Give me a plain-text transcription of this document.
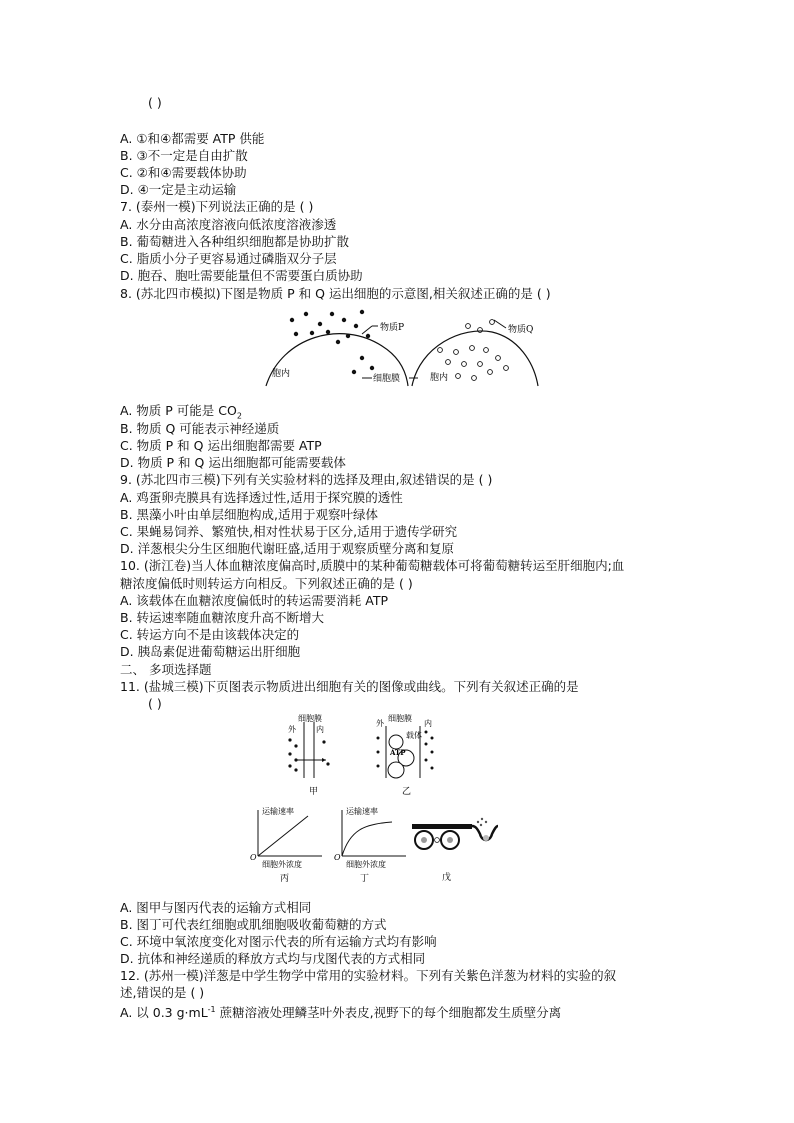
( )
A. ①和④都需要 ATP 供能
B. ③不一定是自由扩散
C. ②和④需要载体协助
D. ④一定是主动运输
7. (泰州一模)下列说法正确的是 ( )
A. 水分由高浓度溶液向低浓度溶液渗透
B. 葡萄糖进入各种组织细胞都是协助扩散
C. 脂质小分子更容易通过磷脂双分子层
D. 胞吞、胞吐需要能量但不需要蛋白质协助
8. (苏北四市模拟)下图是物质 P 和 Q 运出细胞的示意图,相关叙述正确的是 ( )
物质P
胞内	细胞膜
物质Q
胞内
A. 物质 P 可能是 $CO_2$
B. 物质 Q 可能表示神经递质
C. 物质 P 和 Q 运出细胞都需要 ATP
D. 物质 P 和 Q 运出细胞都可能需要载体
9. (苏北四市三模)下列有关实验材料的选择及理由,叙述错误的是 ( )
A. 鸡蛋卵壳膜具有选择透过性,适用于探究膜的透性
B. 黑藻小叶由单层细胞构成,适用于观察叶绿体
C. 果蝇易饲养、繁殖快,相对性状易于区分,适用于遗传学研究
D. 洋葱根尖分生区细胞代谢旺盛,适用于观察质壁分离和复原
10. (浙江卷)当人体血糖浓度偏高时,质膜中的某种葡萄糖载体可将葡萄糖转运至肝细胞内;血
糖浓度偏低时则转运方向相反。下列叙述正确的是 ( )
A. 该载体在血糖浓度偏低时的转运需要消耗 ATP
B. 转运速率随血糖浓度升高不断增大
C. 转运方向不是由该载体决定的
D. 胰岛素促进葡萄糖运出肝细胞
二、 多项选择题
11. (盐城三模)下页图表示物质进出细胞有关的图像或曲线。下列有关叙述正确的是
( )
细胞膜
外	内
甲
细胞膜
外	内
载体
ATP
乙
运输速率
O
细胞外浓度
丙
运输速率
O
细胞外浓度
丁	戊
A. 图甲与图丙代表的运输方式相同
B. 图丁可代表红细胞或肌细胞吸收葡萄糖的方式
C. 环境中氧浓度变化对图示代表的所有运输方式均有影响
D. 抗体和神经递质的释放方式均与戊图代表的方式相同
12. (苏州一模)洋葱是中学生物学中常用的实验材料。下列有关紫色洋葱为材料的实验的叙
述,错误的是 ( )
A. 以 0.3 $g\cdot mL^{-1}$ 蔗糖溶液处理鳞茎叶外表皮,视野下的每个细胞都发生质壁分离
